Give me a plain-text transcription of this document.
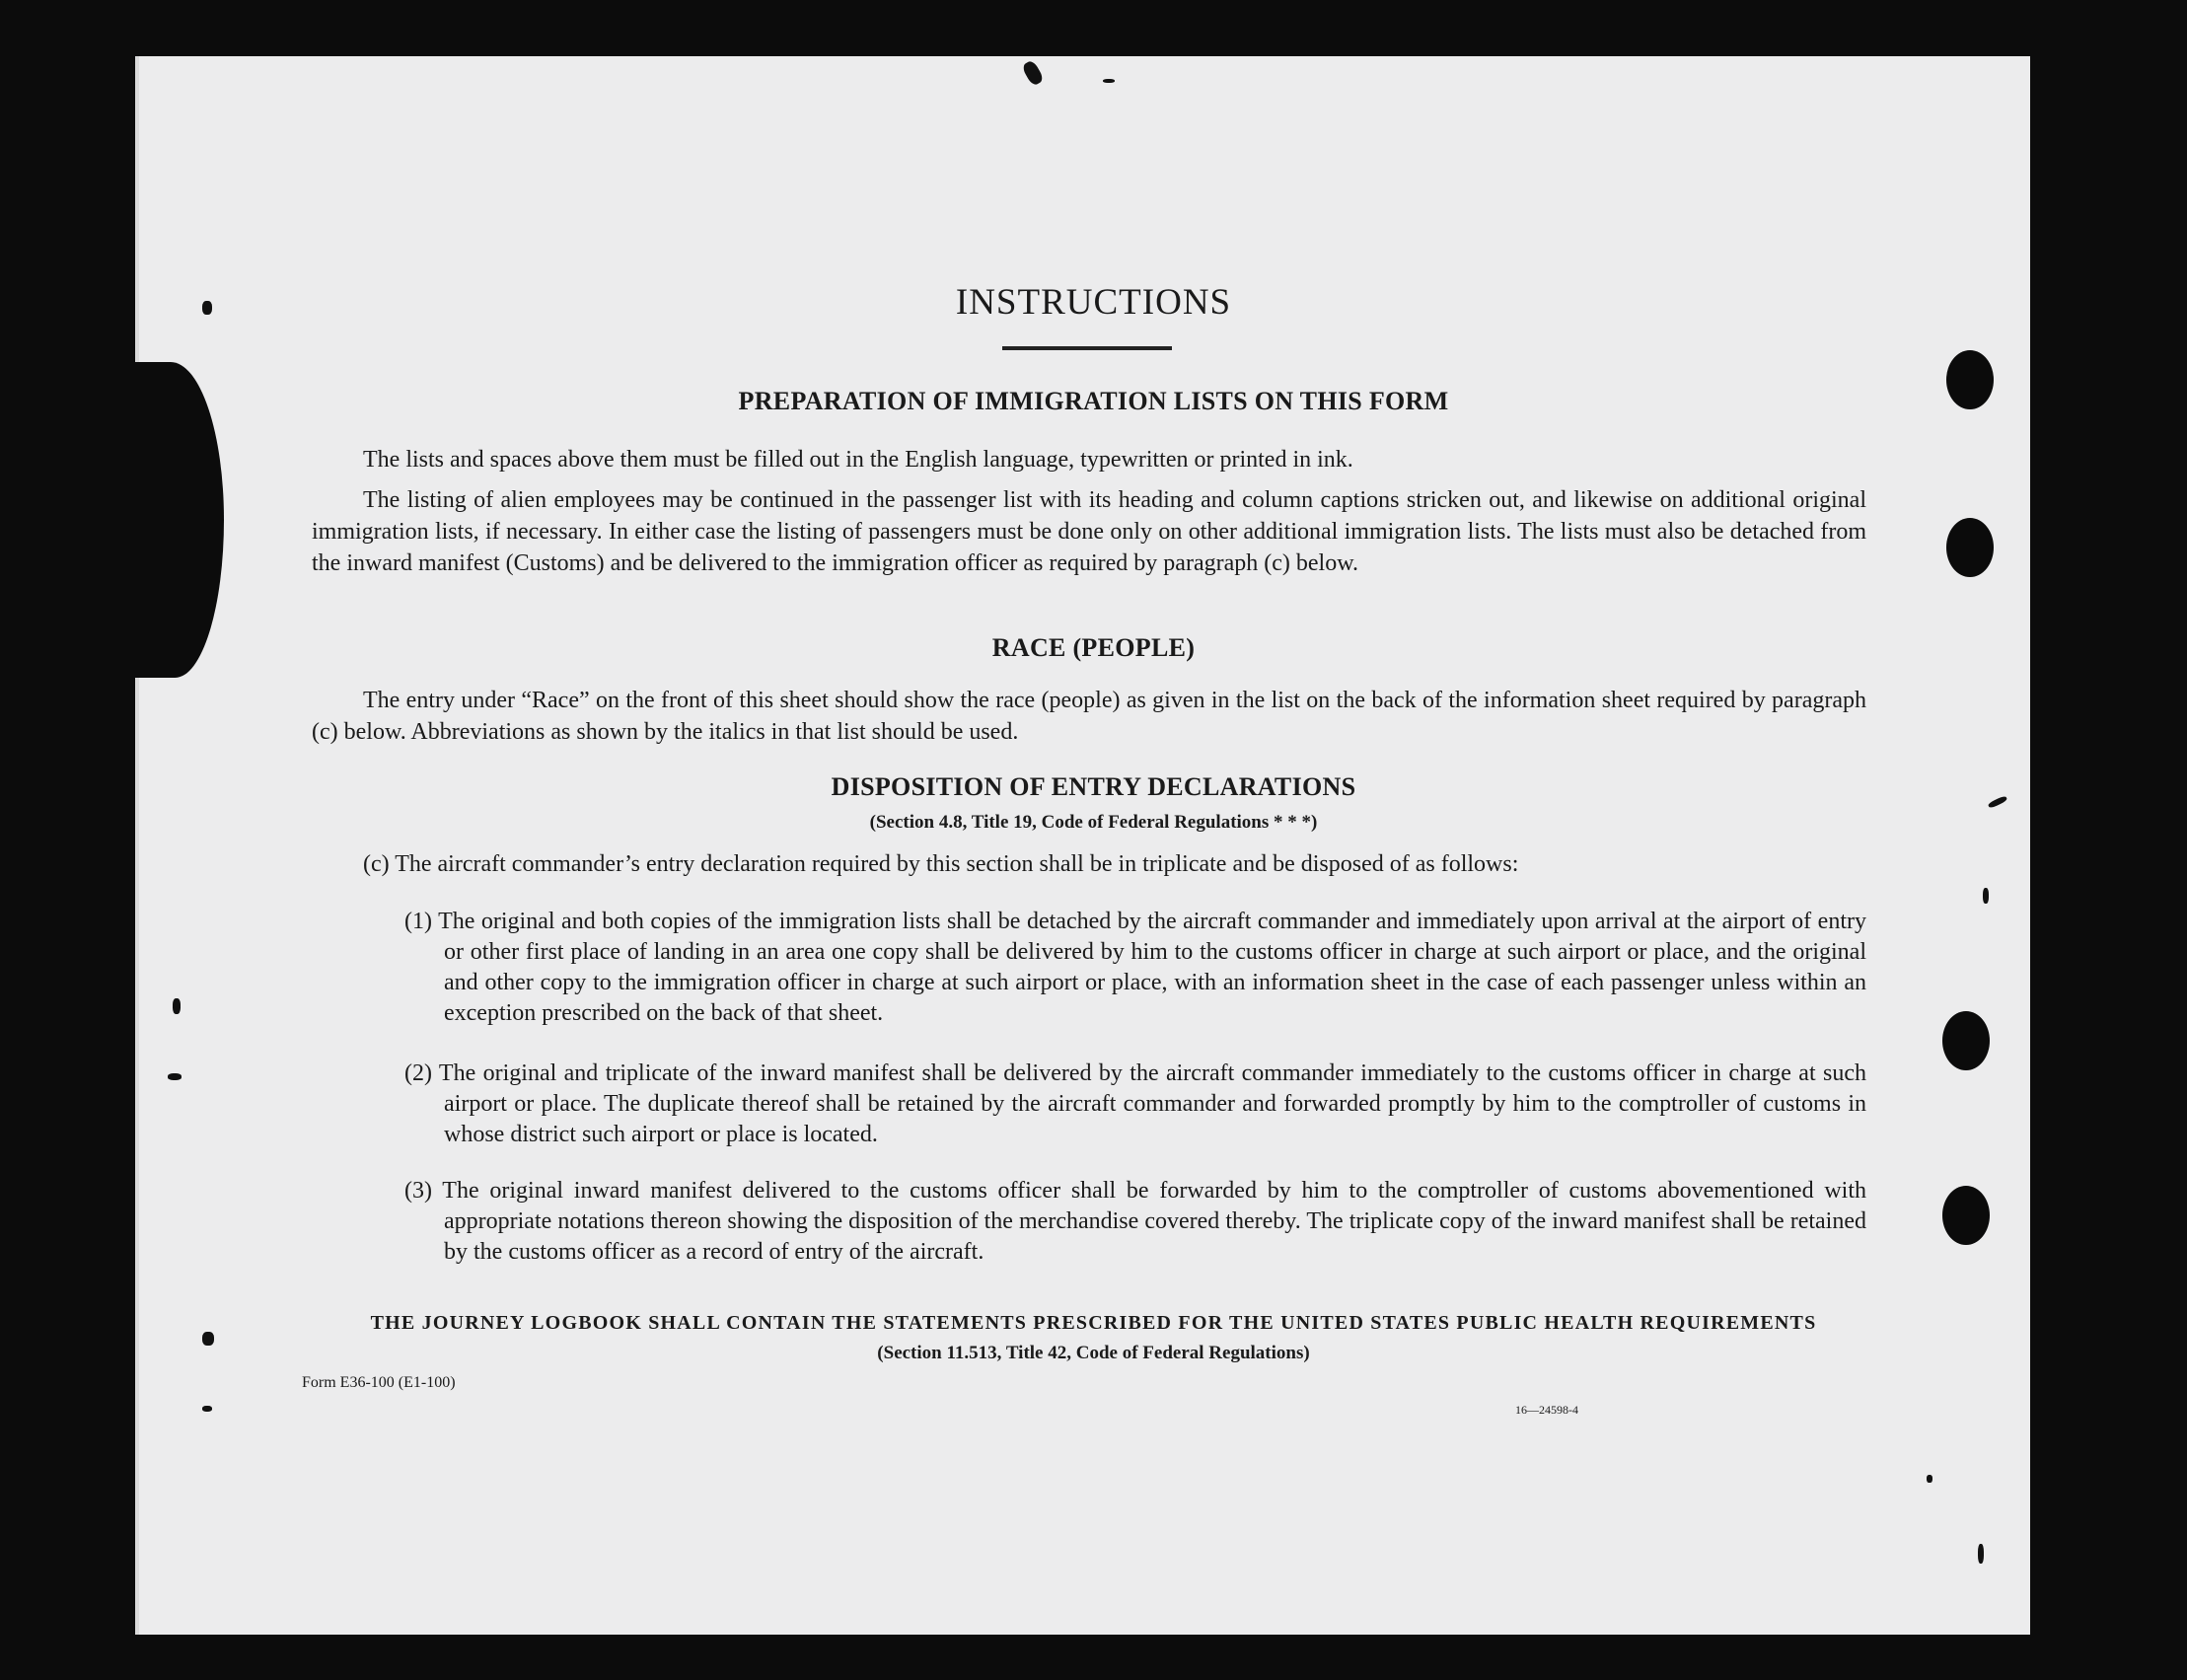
INSTRUCTIONS
PREPARATION OF IMMIGRATION LISTS ON THIS FORM
The lists and spaces above them must be filled out in the English language, typewritten or printed in ink.
The listing of alien employees may be continued in the passenger list with its heading and column captions stricken out, and likewise on additional original immigration lists, if necessary. In either case the listing of passengers must be done only on other additional immigration lists. The lists must also be detached from the inward manifest (Customs) and be delivered to the immigration officer as required by paragraph (c) below.
RACE (PEOPLE)
The entry under “Race” on the front of this sheet should show the race (people) as given in the list on the back of the information sheet required by paragraph (c) below. Abbreviations as shown by the italics in that list should be used.
DISPOSITION OF ENTRY DECLARATIONS
(Section 4.8, Title 19, Code of Federal Regulations * * *)
(c) The aircraft commander’s entry declaration required by this section shall be in triplicate and be disposed of as follows:
(1) The original and both copies of the immigration lists shall be detached by the aircraft commander and immediately upon arrival at the airport of entry or other first place of landing in an area one copy shall be delivered by him to the customs officer in charge at such airport or place, and the original and other copy to the immigration officer in charge at such airport or place, with an information sheet in the case of each passenger unless within an exception prescribed on the back of that sheet.
(2) The original and triplicate of the inward manifest shall be delivered by the aircraft commander immediately to the customs officer in charge at such airport or place. The duplicate thereof shall be retained by the aircraft commander and forwarded promptly by him to the comptroller of customs in whose district such airport or place is located.
(3) The original inward manifest delivered to the customs officer shall be forwarded by him to the comptroller of customs abovementioned with appropriate notations thereon showing the disposition of the merchandise covered thereby. The triplicate copy of the inward manifest shall be retained by the customs officer as a record of entry of the aircraft.
THE JOURNEY LOGBOOK SHALL CONTAIN THE STATEMENTS PRESCRIBED FOR THE UNITED STATES PUBLIC HEALTH REQUIREMENTS
(Section 11.513, Title 42, Code of Federal Regulations)
Form E36-100 (E1-100)
16—24598-4
